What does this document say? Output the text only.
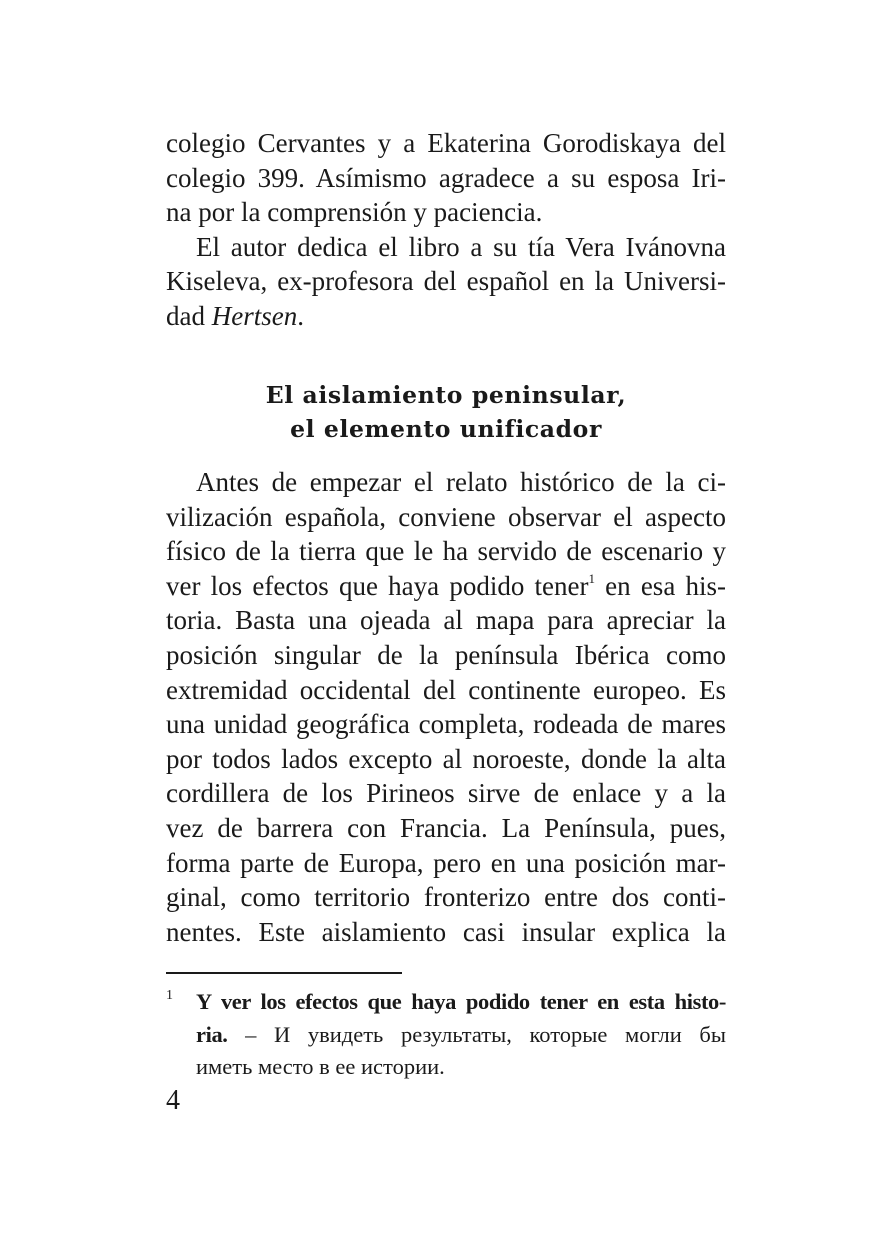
colegio Cervantes y a Ekaterina Gorodiskaya del
colegio 399. Asímismo agradece a su esposa Iri-
na por la comprensión y paciencia.
El autor dedica el libro a su tía Vera Ivánovna
Kiseleva, ex-profesora del español en la Universi-
dad Hertsen.
El aislamiento peninsular,
el elemento unificador
Antes de empezar el relato histórico de la ci-
vilización española, conviene observar el aspecto
físico de la tierra que le ha servido de escenario y
ver los efectos que haya podido tener$^1$ en esa his-
toria. Basta una ojeada al mapa para apreciar la
posición singular de la península Ibérica como
extremidad occidental del continente europeo. Es
una unidad geográfica completa, rodeada de mares
por todos lados excepto al noroeste, donde la alta
cordillera de los Pirineos sirve de enlace y a la
vez de barrera con Francia. La Península, pues,
forma parte de Europa, pero en una posición mar-
ginal, como territorio fronterizo entre dos conti-
nentes. Este aislamiento casi insular explica la
1 Y ver los efectos que haya podido tener en esta histo-
ria. – И увидеть результаты, которые могли бы
иметь место в ее истории.
4
